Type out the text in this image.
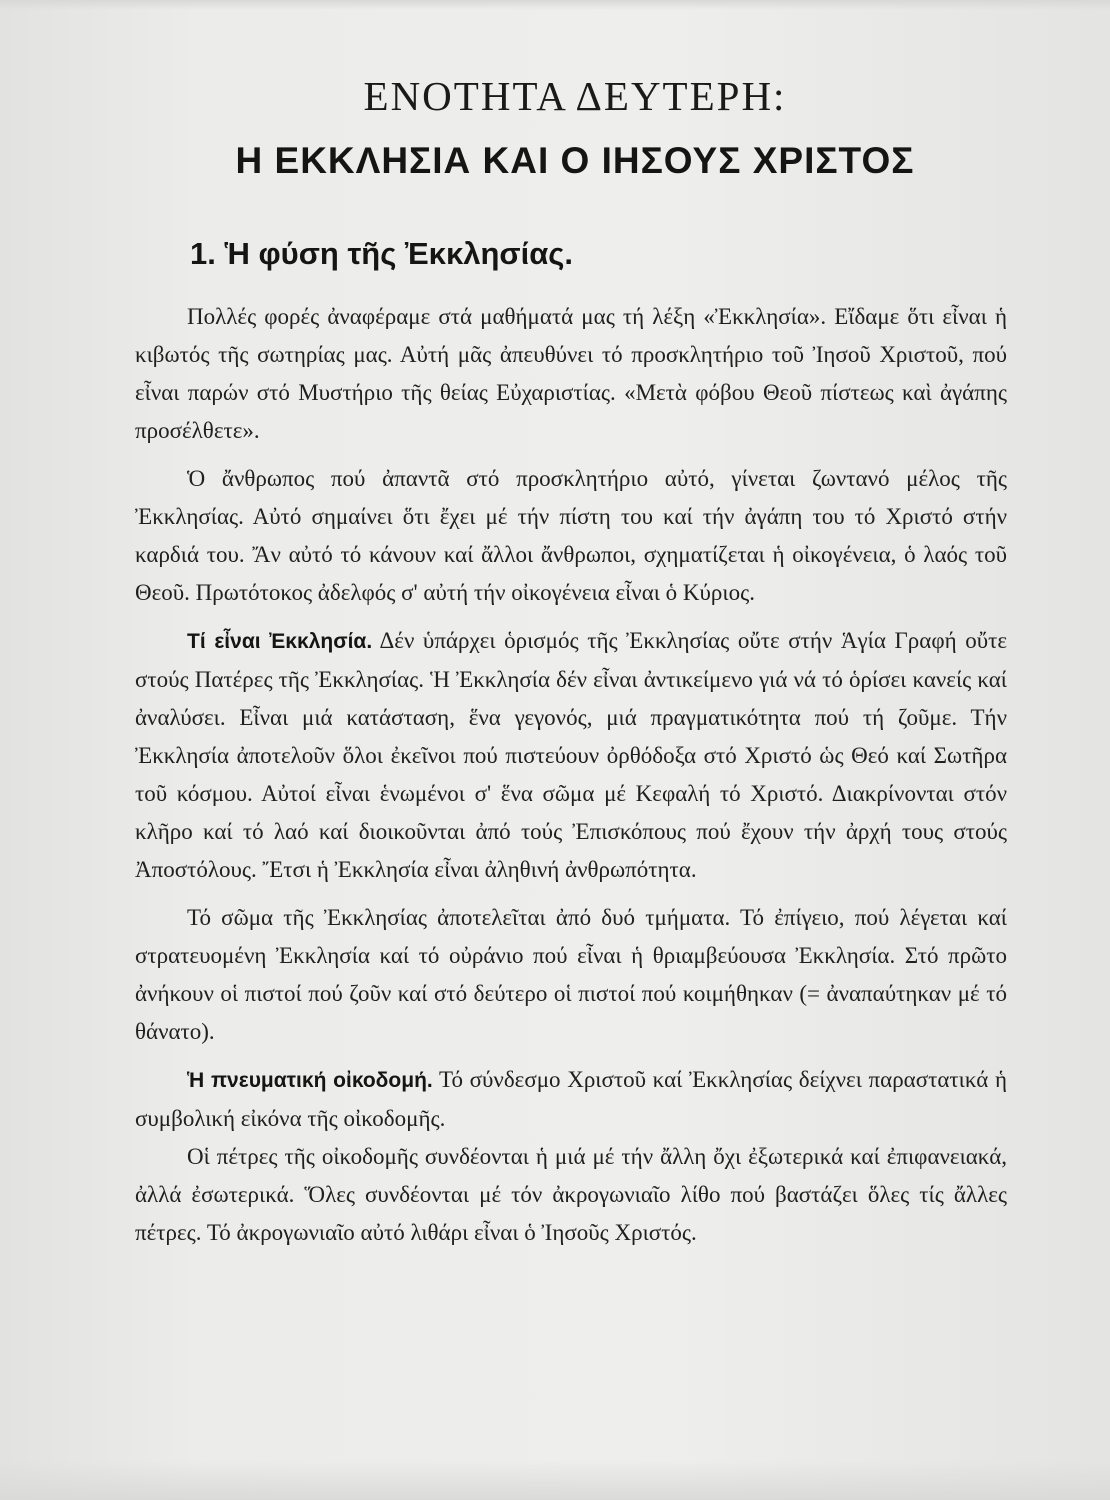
ΕΝΟΤΗΤΑ ΔΕΥΤΕΡΗ:
Η ΕΚΚΛΗΣΙΑ ΚΑΙ Ο ΙΗΣΟΥΣ ΧΡΙΣΤΟΣ
1. Ἡ φύση τῆς Ἐκκλησίας.

Πολλές φορές ἀναφέραμε στά μαθήματά μας τή λέξη «Ἐκκλησία». Εἴδαμε ὅτι εἶναι ἡ κιβωτός τῆς σωτηρίας μας. Αὐτή μᾶς ἀπευθύνει τό προσκλητήριο τοῦ Ἰησοῦ Χριστοῦ, πού εἶναι παρών στό Μυστήριο τῆς θείας Εὐχαριστίας. «Μετὰ φόβου Θεοῦ πίστεως καὶ ἀγάπης προσέλθετε».

Ὁ ἄνθρωπος πού ἀπαντᾶ στό προσκλητήριο αὐτό, γίνεται ζωντανό μέλος τῆς Ἐκκλησίας. Αὐτό σημαίνει ὅτι ἔχει μέ τήν πίστη του καί τήν ἀγάπη του τό Χριστό στήν καρδιά του. Ἄν αὐτό τό κάνουν καί ἄλλοι ἄνθρωποι, σχηματίζεται ἡ οἰκογένεια, ὁ λαός τοῦ Θεοῦ. Πρωτότοκος ἀδελφός σ' αὐτή τήν οἰκογένεια εἶναι ὁ Κύριος.

Τί εἶναι Ἐκκλησία. Δέν ὑπάρχει ὁρισμός τῆς Ἐκκλησίας οὔτε στήν Ἁγία Γραφή οὔτε στούς Πατέρες τῆς Ἐκκλησίας. Ἡ Ἐκκλησία δέν εἶναι ἀντικείμενο γιά νά τό ὁρίσει κανείς καί ἀναλύσει. Εἶναι μιά κατάσταση, ἕνα γεγονός, μιά πραγματικότητα πού τή ζοῦμε. Τήν Ἐκκλησία ἀποτελοῦν ὅλοι ἐκεῖνοι πού πιστεύουν ὀρθόδοξα στό Χριστό ὡς Θεό καί Σωτῆρα τοῦ κόσμου. Αὐτοί εἶναι ἑνωμένοι σ' ἕνα σῶμα μέ Κεφαλή τό Χριστό. Διακρίνονται στόν κλῆρο καί τό λαό καί διοικοῦνται ἀπό τούς Ἐπισκόπους πού ἔχουν τήν ἀρχή τους στούς Ἀποστόλους. Ἔτσι ἡ Ἐκκλησία εἶναι ἀληθινή ἀνθρωπότητα.

Τό σῶμα τῆς Ἐκκλησίας ἀποτελεῖται ἀπό δυό τμήματα. Τό ἐπίγειο, πού λέγεται καί στρατευομένη Ἐκκλησία καί τό οὐράνιο πού εἶναι ἡ θριαμβεύουσα Ἐκκλησία. Στό πρῶτο ἀνήκουν οἱ πιστοί πού ζοῦν καί στό δεύτερο οἱ πιστοί πού κοιμήθηκαν (= ἀναπαύτηκαν μέ τό θάνατο).

Ἡ πνευματική οἰκοδομή. Τό σύνδεσμο Χριστοῦ καί Ἐκκλησίας δείχνει παραστατικά ἡ συμβολική εἰκόνα τῆς οἰκοδομῆς.

Οἱ πέτρες τῆς οἰκοδομῆς συνδέονται ἡ μιά μέ τήν ἄλλη ὄχι ἐξωτερικά καί ἐπιφανειακά, ἀλλά ἐσωτερικά. Ὅλες συνδέονται μέ τόν ἀκρογωνιαῖο λίθο πού βαστάζει ὅλες τίς ἄλλες πέτρες. Τό ἀκρογωνιαῖο αὐτό λιθάρι εἶναι ὁ Ἰησοῦς Χριστός.
